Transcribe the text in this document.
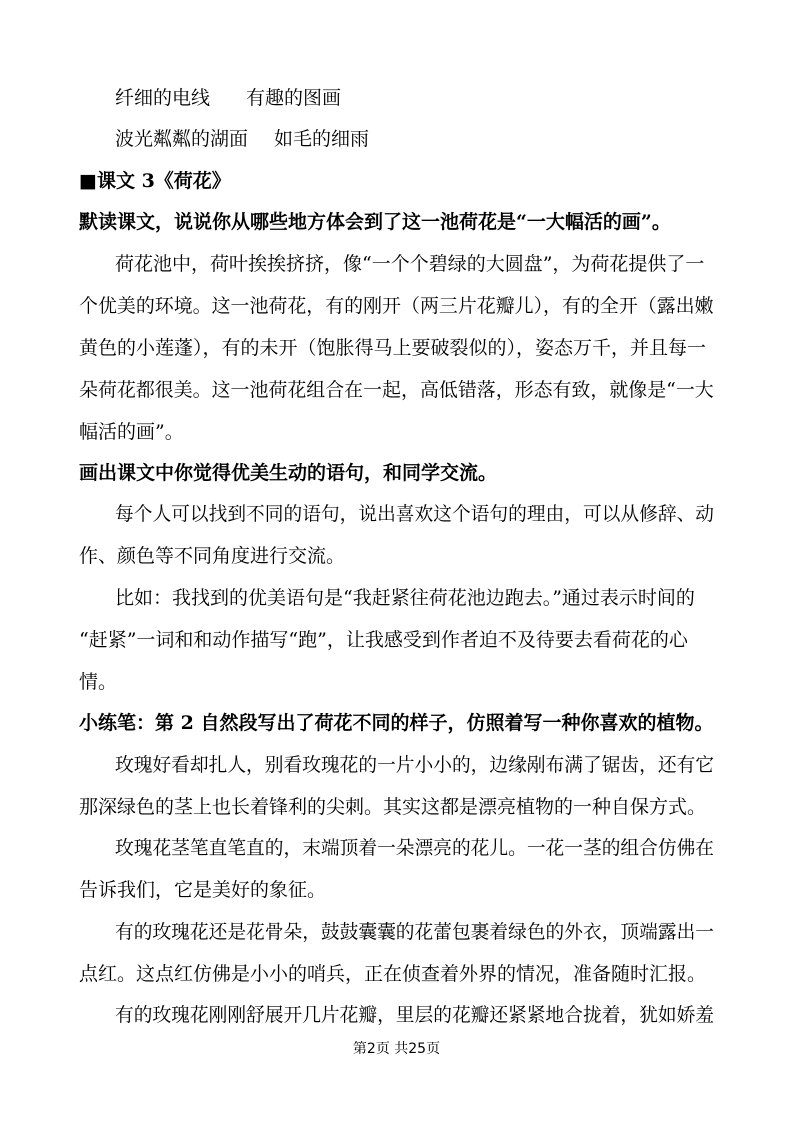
纤细的电线 有趣的图画
波光粼粼的湖面 如毛的细雨
■课文 3《荷花》
默读课文，说说你从哪些地方体会到了这一池荷花是“一大幅活的画”。
荷花池中，荷叶挨挨挤挤，像“一个个碧绿的大圆盘”，为荷花提供了一
个优美的环境。这一池荷花，有的刚开（两三片花瓣儿），有的全开（露出嫩
黄色的小莲蓬），有的未开（饱胀得马上要破裂似的），姿态万千，并且每一
朵荷花都很美。这一池荷花组合在一起，高低错落，形态有致，就像是“一大
幅活的画”。
画出课文中你觉得优美生动的语句，和同学交流。
每个人可以找到不同的语句，说出喜欢这个语句的理由，可以从修辞、动
作、颜色等不同角度进行交流。
比如：我找到的优美语句是“我赶紧往荷花池边跑去。”通过表示时间的
“赶紧”一词和和动作描写“跑”，让我感受到作者迫不及待要去看荷花的心
情。
小练笔：第 2 自然段写出了荷花不同的样子，仿照着写一种你喜欢的植物。
玫瑰好看却扎人，别看玫瑰花的一片小小的，边缘剐布满了锯齿，还有它
那深绿色的茎上也长着锋利的尖刺。其实这都是漂亮植物的一种自保方式。
玫瑰花茎笔直笔直的，末端顶着一朵漂亮的花儿。一花一茎的组合仿佛在
告诉我们，它是美好的象征。
有的玫瑰花还是花骨朵，鼓鼓囊囊的花蕾包裹着绿色的外衣，顶端露出一
点红。这点红仿佛是小小的哨兵，正在侦查着外界的情况，准备随时汇报。
有的玫瑰花刚刚舒展开几片花瓣，里层的花瓣还紧紧地合拢着，犹如娇羞
第2页 共25页
